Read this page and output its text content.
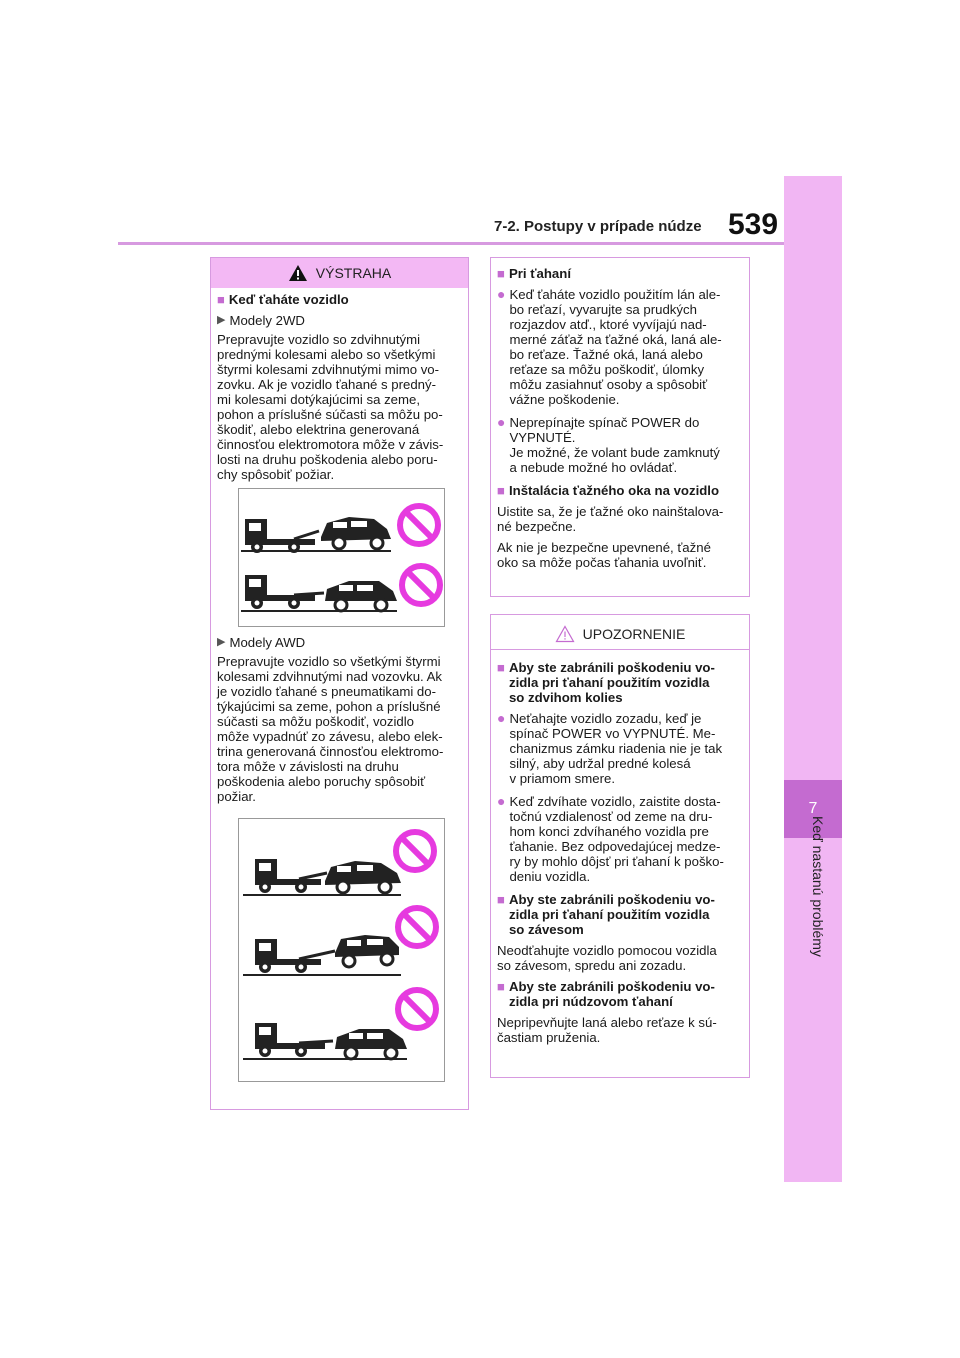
7
Keď nastanú problémy
7-2. Postupy v prípade núdze 539
VÝSTRAHA
■ Keď ťaháte vozidlo
▶ Modely 2WD
Prepravujte vozidlo so zdvihnutými
prednými kolesami alebo so všetkými
štyrmi kolesami zdvihnutými mimo vo-
zovku. Ak je vozidlo ťahané s predný-
mi kolesami dotýkajúcimi sa zeme,
pohon a príslušné súčasti sa môžu po-
škodiť, alebo elektrina generovaná
činnosťou elektromotora môže v závis-
losti na druhu poškodenia alebo poru-
chy spôsobiť požiar.
▶ Modely AWD
Prepravujte vozidlo so všetkými štyrmi
kolesami zdvihnutými nad vozovku. Ak
je vozidlo ťahané s pneumatikami do-
týkajúcimi sa zeme, pohon a príslušné
súčasti sa môžu poškodiť, vozidlo
môže vypadnúť zo závesu, alebo elek-
trina generovaná činnosťou elektromo-
tora môže v závislosti na druhu
poškodenia alebo poruchy spôsobiť
požiar.
■ Pri ťahaní
● Keď ťaháte vozidlo použitím lán ale-
bo reťazí, vyvarujte sa prudkých
rozjazdov atď., ktoré vyvíjajú nad-
merné záťaž na ťažné oká, laná ale-
bo reťaze. Ťažné oká, laná alebo
reťaze sa môžu poškodiť, úlomky
môžu zasiahnuť osoby a spôsobiť
vážne poškodenie.
● Neprepínajte spínač POWER do
VYPNUTÉ.
Je možné, že volant bude zamknutý
a nebude možné ho ovládať.
■ Inštalácia ťažného oka na vozidlo
Uistite sa, že je ťažné oko nainštalova-
né bezpečne.
Ak nie je bezpečne upevnené, ťažné
oko sa môže počas ťahania uvoľniť.
UPOZORNENIE
■ Aby ste zabránili poškodeniu vo-
zidla pri ťahaní použitím vozidla
so zdvihom kolies
● Neťahajte vozidlo zozadu, keď je
spínač POWER vo VYPNUTÉ. Me-
chanizmus zámku riadenia nie je tak
silný, aby udržal predné kolesá
v priamom smere.
● Keď zdvíhate vozidlo, zaistite dosta-
točnú vzdialenosť od zeme na dru-
hom konci zdvíhaného vozidla pre
ťahanie. Bez odpovedajúcej medze-
ry by mohlo dôjsť pri ťahaní k poško-
deniu vozidla.
■ Aby ste zabránili poškodeniu vo-
zidla pri ťahaní použitím vozidla
so závesom
Neodťahujte vozidlo pomocou vozidla
so závesom, spredu ani zozadu.
■ Aby ste zabránili poškodeniu vo-
zidla pri núdzovom ťahaní
Nepripevňujte laná alebo reťaze k sú-
častiam pruženia.
